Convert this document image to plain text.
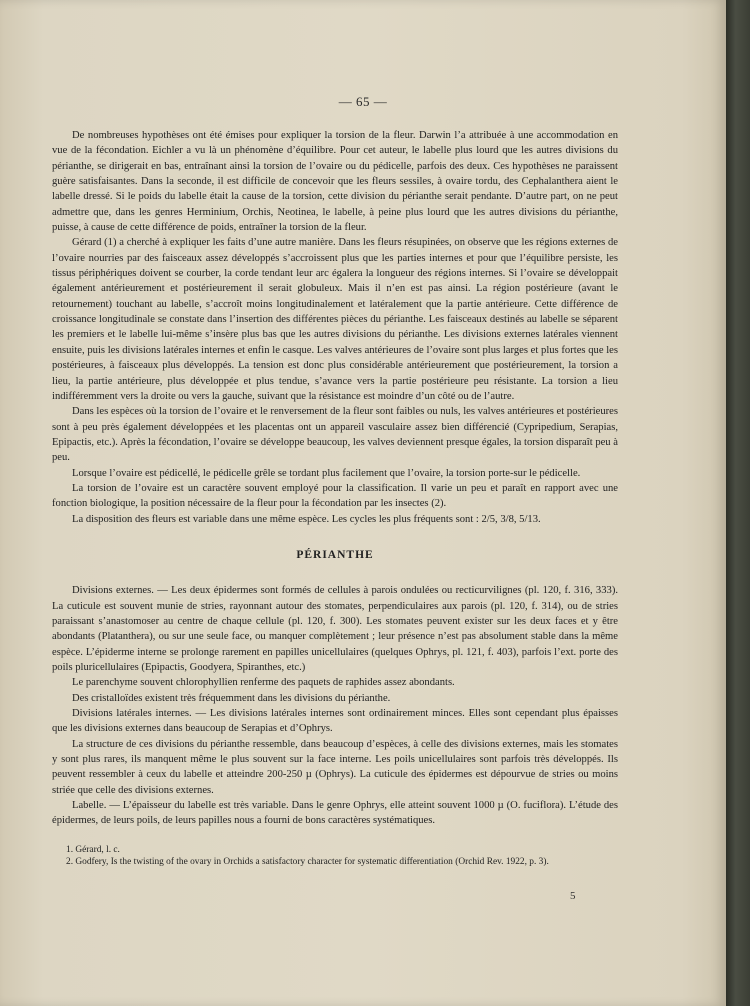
— 65 —

De nombreuses hypothèses ont été émises pour expliquer la torsion de la fleur. Darwin l’a attribuée à une accommodation en vue de la fécondation. Eichler a vu là un phénomène d’équilibre. Pour cet auteur, le labelle plus lourd que les autres divisions du périanthe, se dirigerait en bas, entraînant ainsi la torsion de l’ovaire ou du pédicelle, parfois des deux. Ces hypothèses ne paraissent guère satisfaisantes. Dans la seconde, il est difficile de concevoir que les fleurs sessiles, à ovaire tordu, des Cephalanthera aient le labelle dressé. Si le poids du labelle était la cause de la torsion, cette division du périanthe serait pendante. D’autre part, on ne peut admettre que, dans les genres Herminium, Orchis, Neotinea, le labelle, à peine plus lourd que les autres divisions du périanthe, puisse, à cause de cette différence de poids, entraîner la torsion de la fleur.

Gérard (1) a cherché à expliquer les faits d’une autre manière. Dans les fleurs résupinées, on observe que les régions externes de l’ovaire nourries par des faisceaux assez développés s’accroissent plus que les parties internes et pour que l’équilibre persiste, les tissus périphériques doivent se courber, la corde tendant leur arc égalera la longueur des régions internes. Si l’ovaire se développait également antérieurement et postérieurement il serait globuleux. Mais il n’en est pas ainsi. La région postérieure (avant le retournement) touchant au labelle, s’accroît moins longitudinalement et latéralement que la partie antérieure. Cette différence de croissance longitudinale se constate dans l’insertion des différentes pièces du périanthe. Les faisceaux destinés au labelle se séparent les premiers et le labelle lui-même s’insère plus bas que les autres divisions du périanthe. Les divisions externes latérales viennent ensuite, puis les divisions latérales internes et enfin le casque. Les valves antérieures de l’ovaire sont plus larges et plus fortes que les postérieures, à faisceaux plus développés. La tension est donc plus considérable antérieurement que postérieurement, la torsion a lieu, la partie antérieure, plus développée et plus tendue, s’avance vers la partie postérieure peu résistante. La torsion a lieu indifféremment vers la droite ou vers la gauche, suivant que la résistance est moindre d’un côté ou de l’autre.

Dans les espèces où la torsion de l’ovaire et le renversement de la fleur sont faibles ou nuls, les valves antérieures et postérieures sont à peu près également développées et les placentas ont un appareil vasculaire assez bien différencié (Cypripedium, Serapias, Epipactis, etc.). Après la fécondation, l’ovaire se développe beaucoup, les valves deviennent presque égales, la torsion disparaît peu à peu.

Lorsque l’ovaire est pédicellé, le pédicelle grêle se tordant plus facilement que l’ovaire, la torsion porte-sur le pédicelle.

La torsion de l’ovaire est un caractère souvent employé pour la classification. Il varie un peu et paraît en rapport avec une fonction biologique, la position nécessaire de la fleur pour la fécondation par les insectes (2).

La disposition des fleurs est variable dans une même espèce. Les cycles les plus fréquents sont : 2/5, 3/8, 5/13.

PÉRIANTHE

Divisions externes. — Les deux épidermes sont formés de cellules à parois ondulées ou recticurvilignes (pl. 120, f. 316, 333). La cuticule est souvent munie de stries, rayonnant autour des stomates, perpendiculaires aux parois (pl. 120, f. 314), ou de stries paraissant s’anastomoser au centre de chaque cellule (pl. 120, f. 300). Les stomates peuvent exister sur les deux faces et y être abondants (Platanthera), ou sur une seule face, ou manquer complètement ; leur présence n’est pas absolument stable dans la même espèce. L’épiderme interne se prolonge rarement en papilles unicellulaires (quelques Ophrys, pl. 121, f. 403), parfois l’ext. porte des poils pluricellulaires (Epipactis, Goodyera, Spiranthes, etc.)

Le parenchyme souvent chlorophyllien renferme des paquets de raphides assez abondants.

Des cristalloïdes existent très fréquemment dans les divisions du périanthe.

Divisions latérales internes. — Les divisions latérales internes sont ordinairement minces. Elles sont cependant plus épaisses que les divisions externes dans beaucoup de Serapias et d’Ophrys.

La structure de ces divisions du périanthe ressemble, dans beaucoup d’espèces, à celle des divisions externes, mais les stomates y sont plus rares, ils manquent même le plus souvent sur la face interne. Les poils unicellulaires sont parfois très développés. Ils peuvent ressembler à ceux du labelle et atteindre 200-250 µ (Ophrys). La cuticule des épidermes est dépourvue de stries ou moins striée que celle des divisions externes.

Labelle. — L’épaisseur du labelle est très variable. Dans le genre Ophrys, elle atteint souvent 1000 µ (O. fuciflora). L’étude des épidermes, de leurs poils, de leurs papilles nous a fourni de bons caractères systématiques.

1. Gérard, l. c.

2. Godfery, Is the twisting of the ovary in Orchids a satisfactory character for systematic differentiation (Orchid Rev. 1922, p. 3).

5
